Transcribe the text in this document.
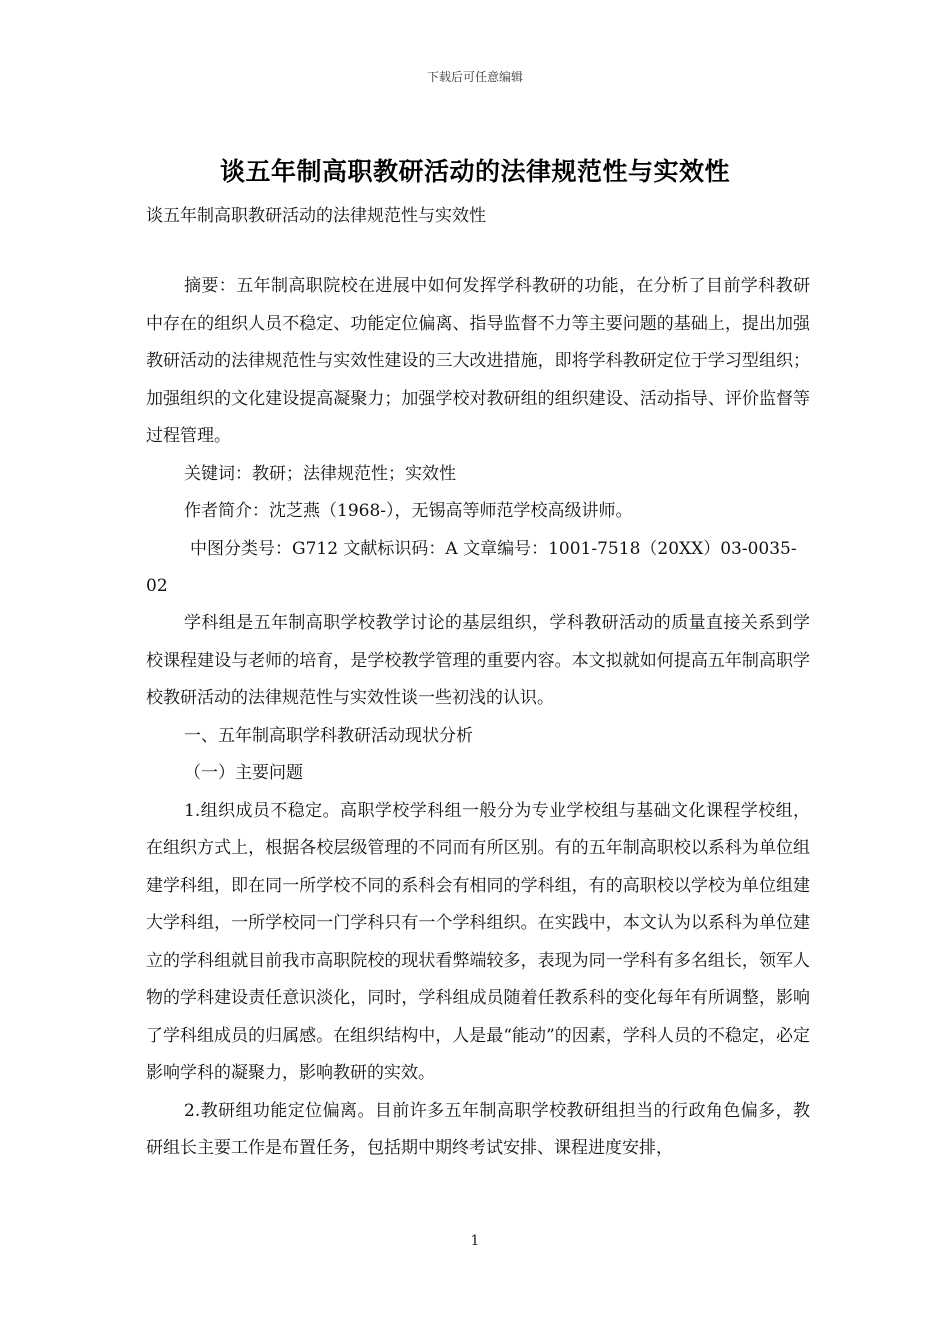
下载后可任意编辑
谈五年制高职教研活动的法律规范性与实效性
谈五年制高职教研活动的法律规范性与实效性

摘要：五年制高职院校在进展中如何发挥学科教研的功能，在分析了目前学科教研中存在的组织人员不稳定、功能定位偏离、指导监督不力等主要问题的基础上，提出加强教研活动的法律规范性与实效性建设的三大改进措施，即将学科教研定位于学习型组织；加强组织的文化建设提高凝聚力；加强学校对教研组的组织建设、活动指导、评价监督等过程管理。

关键词：教研；法律规范性；实效性

作者简介：沈芝燕（1968-），无锡高等师范学校高级讲师。

中图分类号：G712 文献标识码：A 文章编号：1001-7518（20XX）03-0035-02

学科组是五年制高职学校教学讨论的基层组织，学科教研活动的质量直接关系到学校课程建设与老师的培育，是学校教学管理的重要内容。本文拟就如何提高五年制高职学校教研活动的法律规范性与实效性谈一些初浅的认识。

一、五年制高职学科教研活动现状分析

（一）主要问题

1.组织成员不稳定。高职学校学科组一般分为专业学校组与基础文化课程学校组，在组织方式上，根据各校层级管理的不同而有所区别。有的五年制高职校以系科为单位组建学科组，即在同一所学校不同的系科会有相同的学科组，有的高职校以学校为单位组建大学科组，一所学校同一门学科只有一个学科组织。在实践中，本文认为以系科为单位建立的学科组就目前我市高职院校的现状看弊端较多，表现为同一学科有多名组长，领军人物的学科建设责任意识淡化，同时，学科组成员随着任教系科的变化每年有所调整，影响了学科组成员的归属感。在组织结构中，人是最“能动”的因素，学科人员的不稳定，必定影响学科的凝聚力，影响教研的实效。

2.教研组功能定位偏离。目前许多五年制高职学校教研组担当的行政角色偏多，教研组长主要工作是布置任务，包括期中期终考试安排、课程进度安排，

1
